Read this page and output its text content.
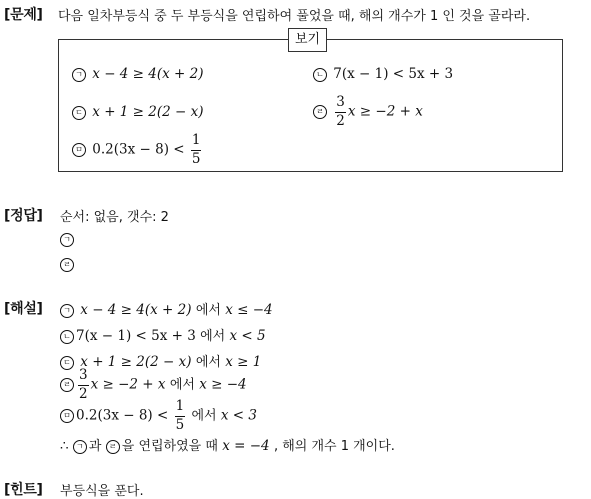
[문제] 다음 일차부등식 중 두 부등식을 연립하여 풀었을 때, 해의 개수가 1 인 것을 골라라.
보기
ㄱ x − 4 ≥ 4(x + 2)	ㄴ 7(x − 1) < 5x + 3
ㄷ x + 1 ≥ 2(2 − x)	ㄹ $\frac{3}{2}$ x ≥ −2 + x
ㅁ $0.2(3x - 8) < \frac{1}{5}$
[정답] 순서: 없음, 갯수: 2
ㄱ
ㄹ
[해설]	ㄱ x − 4 ≥ 4(x + 2) 에서 x ≤ −4
ㄴ 7(x − 1) < 5x + 3 에서 x < 5
ㄷ x + 1 ≥ 2(2 − x) 에서 x ≥ 1
ㄹ $\frac{3}{2}$ x ≥ −2 + x 에서 x ≥ −4
ㅁ $0.2(3x - 8) < \frac{1}{5}$ 에서 x < 3
∴ ㄱ 과 ㄹ 을 연립하였을 때 x = −4 , 해의 개수 1 개이다.
[힌트] 부등식을 푼다.
